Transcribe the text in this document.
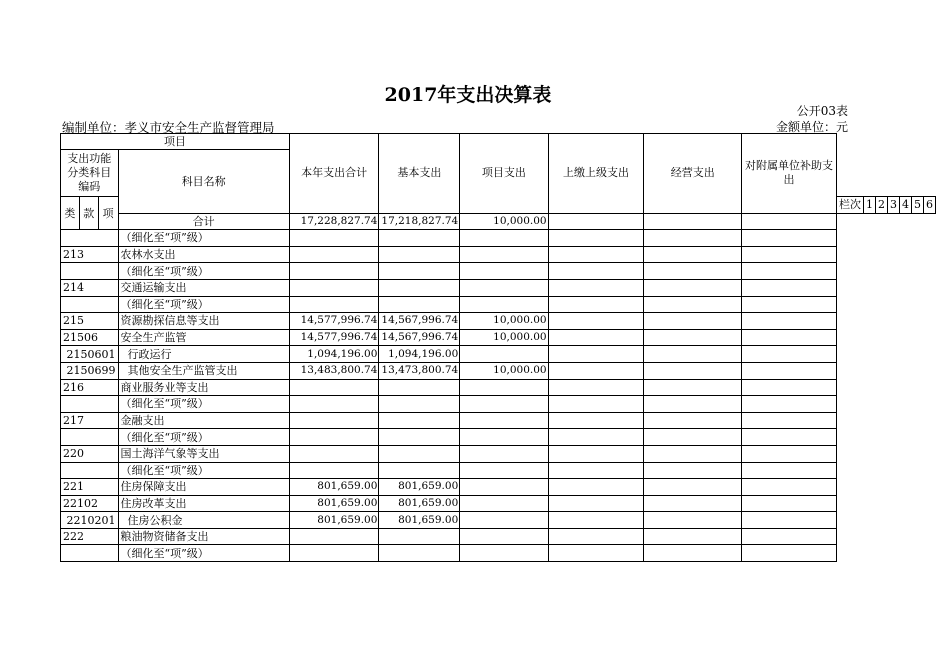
2017年支出决算表
公开03表
编制单位：孝义市安全生产监督管理局	金额单位：元
项目				本年支出合计	基本支出	项目支出	上缴上级支出	经营支出	对附属单位补助支出							
支出功能分类科目编码			科目名称													
类	款	项								栏次	1	2	3	4	5	6
			合计	17,228,827.74	17,218,827.74	10,000.00										
			（细化至“项”级）													
213			农林水支出													
			（细化至“项”级）													
214			交通运输支出													
			（细化至“项”级）													
215			资源勘探信息等支出	14,577,996.74	14,567,996.74	10,000.00										
21506			安全生产监管	14,577,996.74	14,567,996.74	10,000.00										
2150601			行政运行	1,094,196.00	1,094,196.00											
2150699			其他安全生产监管支出	13,483,800.74	13,473,800.74	10,000.00										
216			商业服务业等支出													
			（细化至“项”级）													
217			金融支出													
			（细化至“项”级）													
220			国土海洋气象等支出													
			（细化至“项”级）													
221			住房保障支出	801,659.00	801,659.00											
22102			住房改革支出	801,659.00	801,659.00											
2210201			住房公积金	801,659.00	801,659.00											
222			粮油物资储备支出													
			（细化至“项”级）													
